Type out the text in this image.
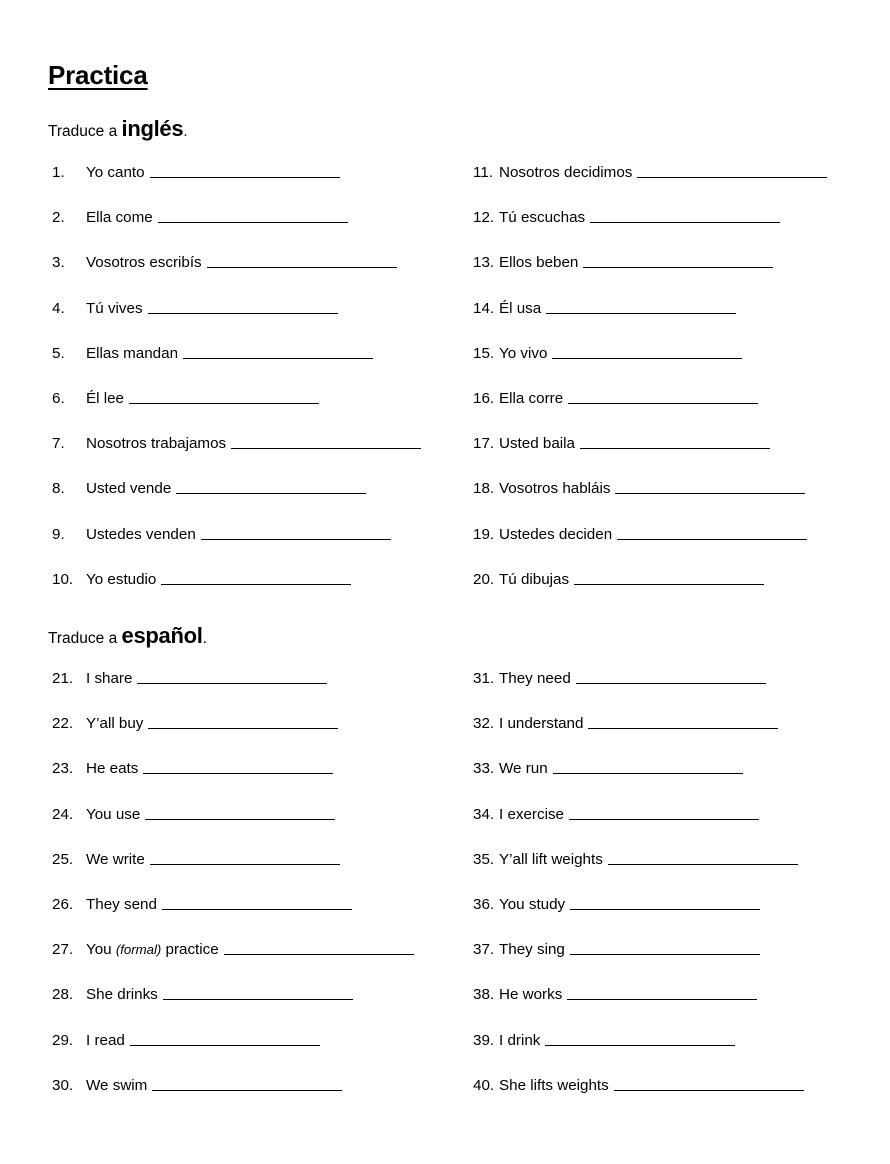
Practica
Traduce a inglés.
Traduce a español.
1.	Yo canto
2.	Ella come
3.	Vosotros escribís
4.	Tú vives
5.	Ellas mandan
6.	Él lee
7.	Nosotros trabajamos
8.	Usted vende
9.	Ustedes venden
10. Yo estudio
11. Nosotros decidimos
12. Tú escuchas
13. Ellos beben
14. Él usa
15. Yo vivo
16. Ella corre
17. Usted baila
18. Vosotros habláis
19. Ustedes deciden
20. Tú dibujas
21. I share
22. Y’all buy
23. He eats
24. You use
25. We write
26. They send
27. You (formal) practice
28. She drinks
29. I read
30. We swim
31. They need
32. I understand
33. We run
34. I exercise
35. Y’all lift weights
36. You study
37. They sing
38. He works
39. I drink
40. She lifts weights
